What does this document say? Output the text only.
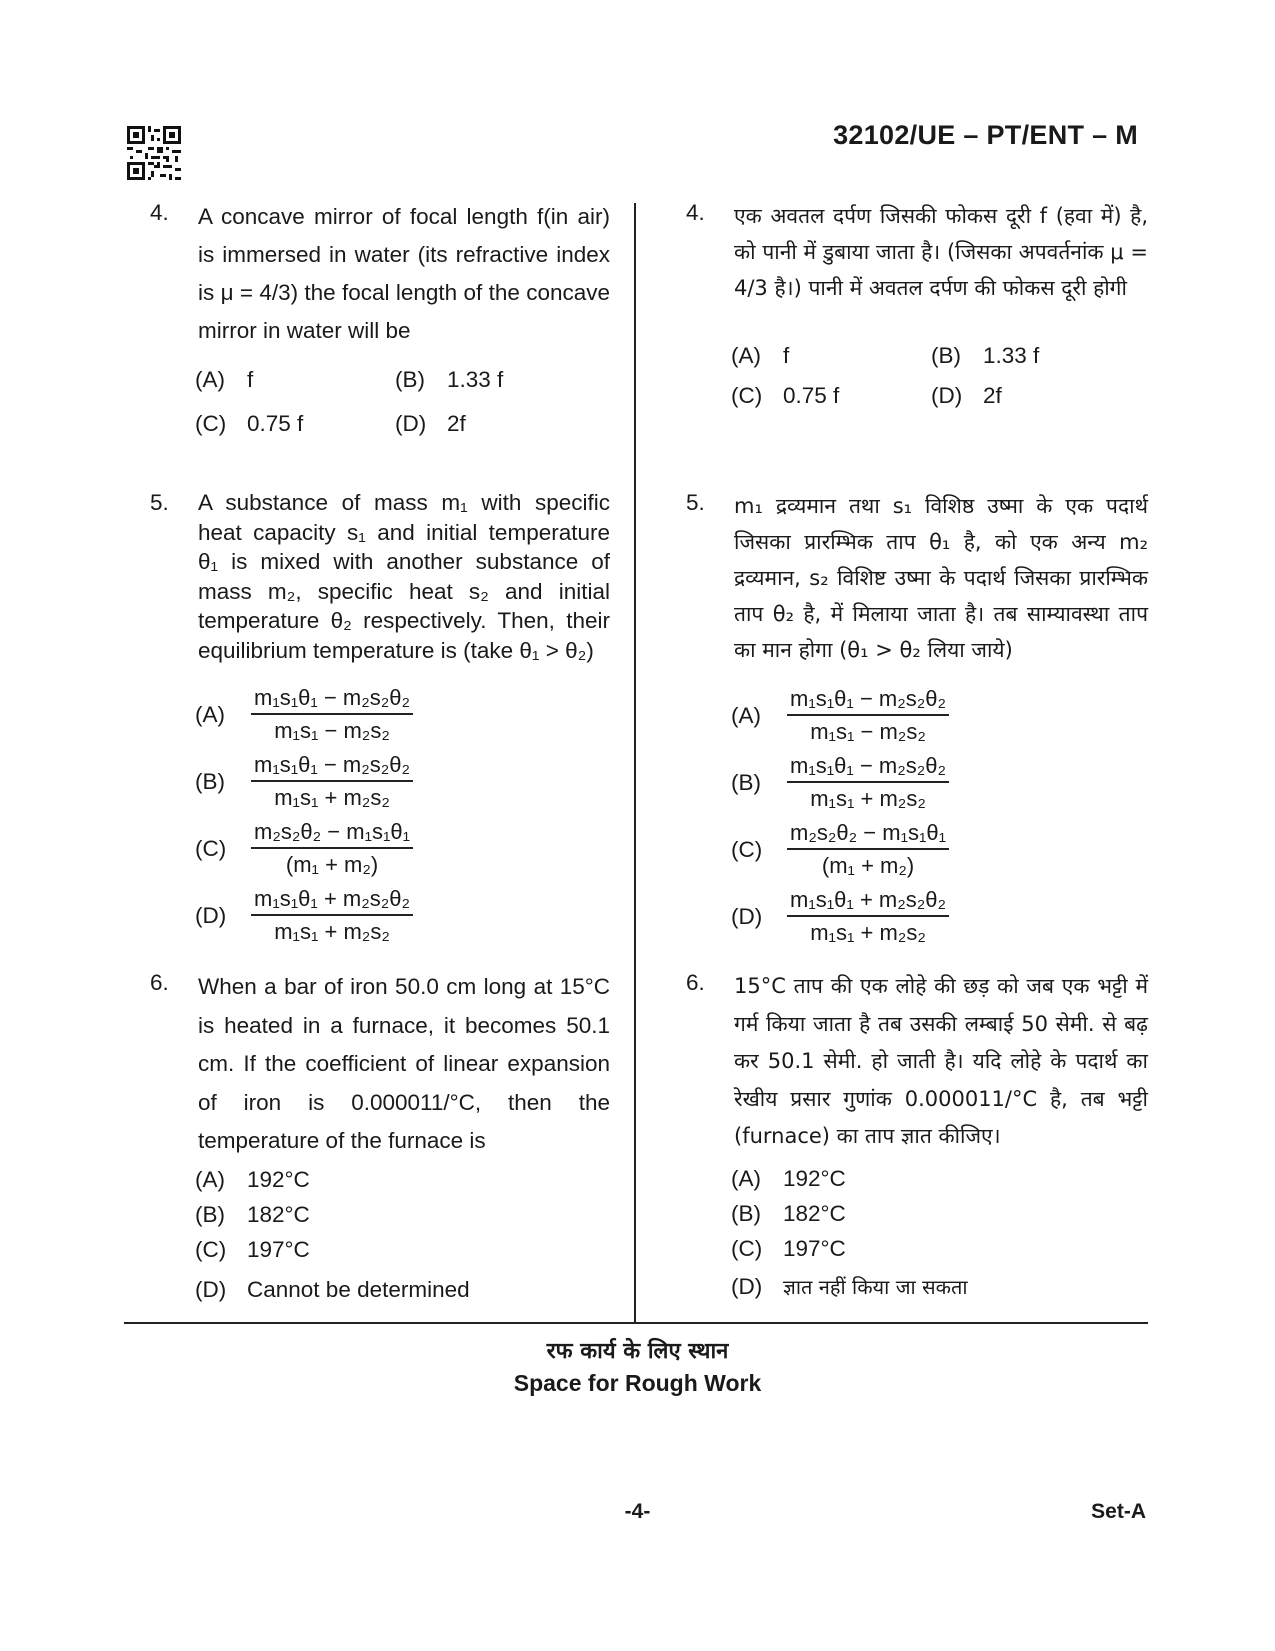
32102/UE – PT/ENT – M
4.	A concave mirror of focal length f(in air) is immersed in water (its refractive index is μ = 4/3) the focal length of the concave mirror in water will be
(A) f	(B) 1.33 f
(C) 0.75 f	(D) 2f
5.	A substance of mass m₁ with specific heat capacity s₁ and initial temperature θ₁ is mixed with another substance of mass m₂, specific heat s₂ and initial temperature θ₂ respectively. Then, their equilibrium temperature is (take θ₁ > θ₂)
(A)	$\frac{\text{m₁s₁θ₁ − m₂s₂θ₂}}{\text{m₁s₁ − m₂s₂}}$
(B)	$\frac{\text{m₁s₁θ₁ − m₂s₂θ₂}}{\text{m₁s₁ + m₂s₂}}$
(C)	$\frac{\text{m₂s₂θ₂ − m₁s₁θ₁}}{\text{(m₁ + m₂)}}$
(D)	$\frac{\text{m₁s₁θ₁ + m₂s₂θ₂}}{\text{m₁s₁ + m₂s₂}}$
6.	When a bar of iron 50.0 cm long at 15°C is heated in a furnace, it becomes 50.1 cm. If the coefficient of linear expansion of iron is 0.000011/°C, then the temperature of the furnace is
(A) 192°C
(B) 182°C
(C) 197°C
(D) Cannot be determined
4.	एक अवतल दर्पण जिसकी फोकस दूरी f (हवा में) है, को पानी में डुबाया जाता है। (जिसका अपवर्तनांक μ = 4/3 है।) पानी में अवतल दर्पण की फोकस दूरी होगी
(A) f	(B) 1.33 f
(C) 0.75 f	(D) 2f
5.	m₁ द्रव्यमान तथा s₁ विशिष्ठ उष्मा के एक पदार्थ जिसका प्रारम्भिक ताप θ₁ है, को एक अन्य m₂ द्रव्यमान, s₂ विशिष्ट उष्मा के पदार्थ जिसका प्रारम्भिक ताप θ₂ है, में मिलाया जाता है। तब साम्यावस्था ताप का मान होगा (θ₁ > θ₂ लिया जाये)
(A)	$\frac{\text{m₁s₁θ₁ − m₂s₂θ₂}}{\text{m₁s₁ − m₂s₂}}$
(B)	$\frac{\text{m₁s₁θ₁ − m₂s₂θ₂}}{\text{m₁s₁ + m₂s₂}}$
(C)	$\frac{\text{m₂s₂θ₂ − m₁s₁θ₁}}{\text{(m₁ + m₂)}}$
(D)	$\frac{\text{m₁s₁θ₁ + m₂s₂θ₂}}{\text{m₁s₁ + m₂s₂}}$
6.	15°C ताप की एक लोहे की छड़ को जब एक भट्टी में गर्म किया जाता है तब उसकी लम्बाई 50 सेमी. से बढ़ कर 50.1 सेमी. हो जाती है। यदि लोहे के पदार्थ का रेखीय प्रसार गुणांक 0.000011/°C है, तब भट्टी (furnace) का ताप ज्ञात कीजिए।
(A) 192°C
(B) 182°C
(C) 197°C
(D)	ज्ञात नहीं किया जा सकता
रफ कार्य के लिए स्थान
Space for Rough Work
-4-	Set-A
